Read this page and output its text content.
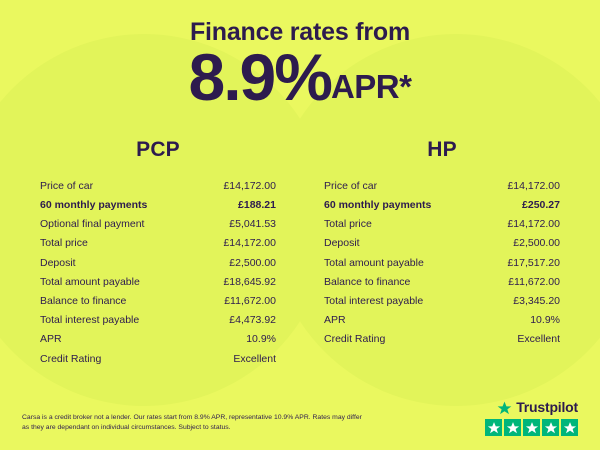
Finance rates from
8.9%APR*
PCP
Price of car	£14,172.00
60 monthly payments	£188.21
Optional final payment	£5,041.53
Total price	£14,172.00
Deposit	£2,500.00
Total amount payable	£18,645.92
Balance to finance	£11,672.00
Total interest payable	£4,473.92
APR	10.9%
Credit Rating	Excellent
HP
Price of car	£14,172.00
60 monthly payments	£250.27
Total price	£14,172.00
Deposit	£2,500.00
Total amount payable	£17,517.20
Balance to finance	£11,672.00
Total interest payable	£3,345.20
APR	10.9%
Credit Rating	Excellent
Carsa is a credit broker not a lender. Our rates start from 8.9% APR, representative 10.9% APR. Rates may differ as they are dependant on individual circumstances. Subject to status.
Trustpilot
